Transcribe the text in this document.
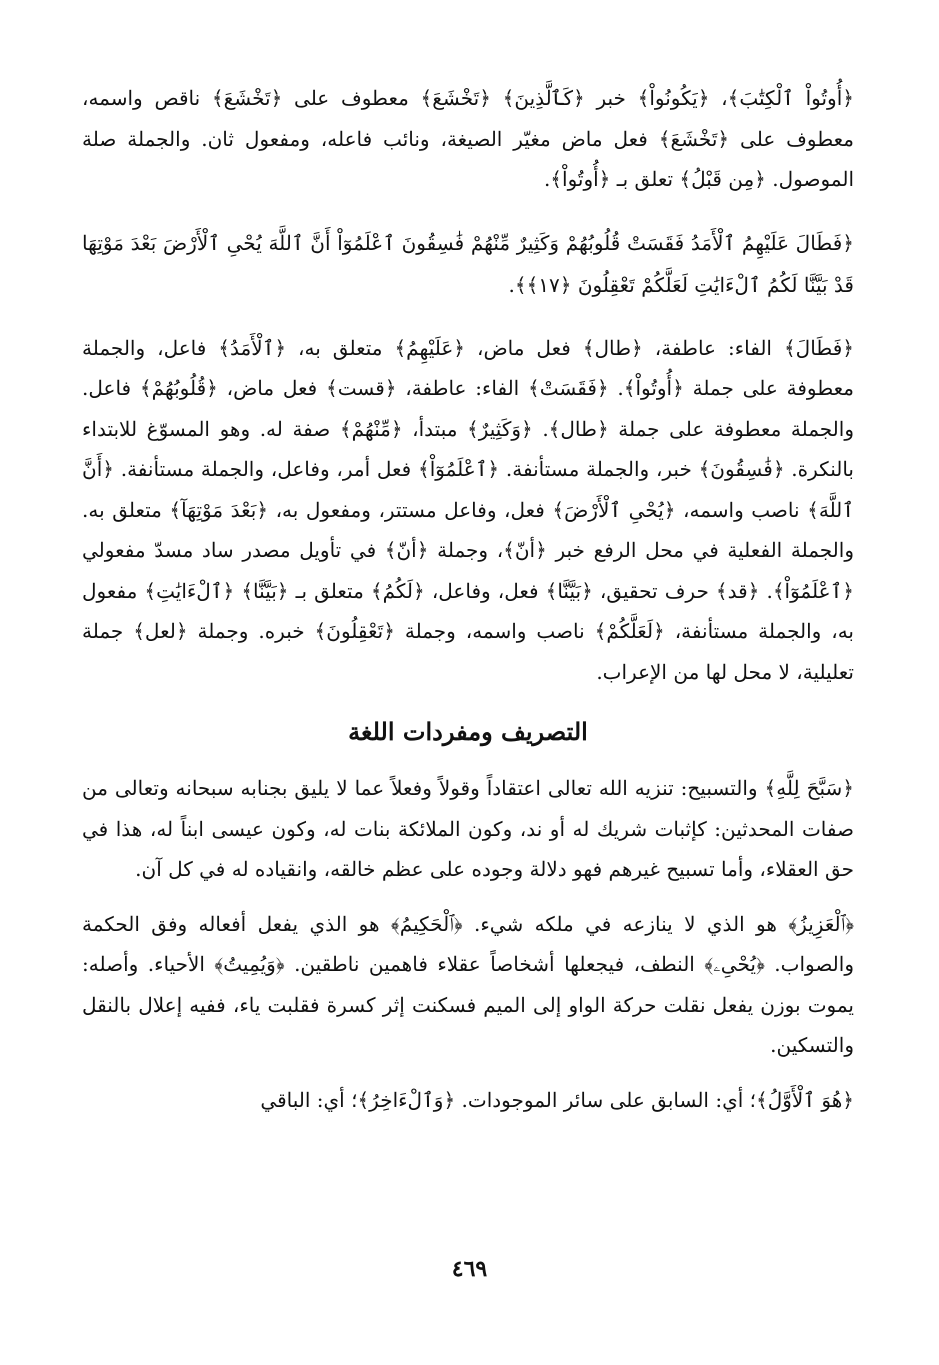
﴿أُوتُواْ ٱلْكِتَٰبَ﴾، ﴿يَكُونُواْ﴾ خبر ﴿كَٱلَّذِينَ﴾ ﴿تَخْشَعَ﴾ معطوف على ﴿تَخْشَعَ﴾ ناقص واسمه، معطوف على ﴿تَخْشَعَ﴾ فعل ماض مغيّر الصيغة، ونائب فاعله، ومفعول ثان. والجملة صلة الموصول. ﴿مِن قَبْلُ﴾ تعلق بـ ﴿أُوتُواْ﴾.

﴿فَطَالَ عَلَيْهِمُ ٱلْأَمَدُ فَقَسَتْ قُلُوبُهُمْ وَكَثِيرٌ مِّنْهُمْ فَٰسِقُونَ ٱعْلَمُوٓاْ أَنَّ ٱللَّهَ يُحْىِ ٱلْأَرْضَ بَعْدَ مَوْتِهَا قَدْ بَيَّنَّا لَكُمُ ٱلْءَايَٰتِ لَعَلَّكُمْ تَعْقِلُونَ ﴿١٧﴾﴾.

﴿فَطَالَ﴾ الفاء: عاطفة، ﴿طال﴾ فعل ماض، ﴿عَلَيْهِمُ﴾ متعلق به، ﴿ٱلْأَمَدُ﴾ فاعل، والجملة معطوفة على جملة ﴿أُوتُواْ﴾. ﴿فَقَسَتْ﴾ الفاء: عاطفة، ﴿قست﴾ فعل ماض، ﴿قُلُوبُهُمْ﴾ فاعل. والجملة معطوفة على جملة ﴿طال﴾. ﴿وَكَثِيرٌ﴾ مبتدأ، ﴿مِّنْهُمْ﴾ صفة له. وهو المسوّغ للابتداء بالنكرة. ﴿فَٰسِقُونَ﴾ خبر، والجملة مستأنفة. ﴿ٱعْلَمُوٓاْ﴾ فعل أمر، وفاعل، والجملة مستأنفة. ﴿أَنَّ ٱللَّهَ﴾ ناصب واسمه، ﴿يُحْىِ ٱلْأَرْضَ﴾ فعل، وفاعل مستتر، ومفعول به، ﴿بَعْدَ مَوْتِهَآ﴾ متعلق به. والجملة الفعلية في محل الرفع خبر ﴿أنّ﴾، وجملة ﴿أنّ﴾ في تأويل مصدر ساد مسدّ مفعولي ﴿ٱعْلَمُوٓاْ﴾. ﴿قد﴾ حرف تحقيق، ﴿بَيَّنَّا﴾ فعل، وفاعل، ﴿لَكُمُ﴾ متعلق بـ ﴿بَيَّنَّا﴾ ﴿ٱلْءَايَٰتِ﴾ مفعول به، والجملة مستأنفة، ﴿لَعَلَّكُمْ﴾ ناصب واسمه، وجملة ﴿تَعْقِلُونَ﴾ خبره. وجملة ﴿لعل﴾ جملة تعليلية، لا محل لها من الإعراب.

التصريف ومفردات اللغة

﴿سَبَّحَ لِلَّهِ﴾ والتسبيح: تنزيه الله تعالى اعتقاداً وقولاً وفعلاً عما لا يليق بجنابه سبحانه وتعالى من صفات المحدثين: كإثبات شريك له أو ند، وكون الملائكة بنات له، وكون عيسى ابناً له، هذا في حق العقلاء، وأما تسبيح غيرهم فهو دلالة وجوده على عظم خالقه، وانقياده له في كل آن.

﴿ٱلْعَزِيزُ﴾ هو الذي لا ينازعه في ملكه شيء. ﴿ٱلْحَكِيمُ﴾ هو الذي يفعل أفعاله وفق الحكمة والصواب. ﴿يُحْىِۦ﴾ النطف، فيجعلها أشخاصاً عقلاء فاهمين ناطقين. ﴿وَيُمِيتُ﴾ الأحياء. وأصله: يموت بوزن يفعل نقلت حركة الواو إلى الميم فسكنت إثر كسرة فقلبت ياء، ففيه إعلال بالنقل والتسكين.

﴿هُوَ ٱلْأَوَّلُ﴾؛ أي: السابق على سائر الموجودات. ﴿وَٱلْءَاخِرُ﴾؛ أي: الباقي

٤٦٩
